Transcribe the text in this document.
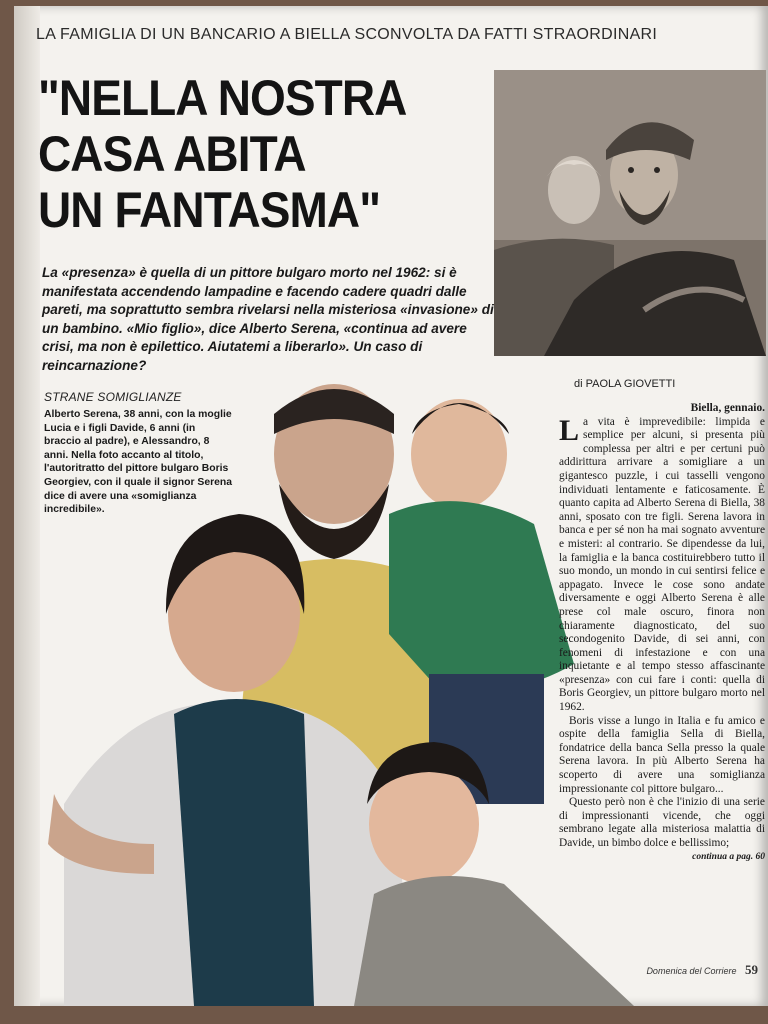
LA FAMIGLIA DI UN BANCARIO A BIELLA SCONVOLTA DA FATTI STRAORDINARI
"NELLA NOSTRA
CASA ABITA
UN FANTASMA"
La «presenza» è quella di un pittore bulgaro morto nel 1962: si è manifestata accendendo lampadine e facendo cadere quadri dalle pareti, ma soprattutto sembra rivelarsi nella misteriosa «invasione» di un bambino. «Mio figlio», dice Alberto Serena, «continua ad avere crisi, ma non è epilettico. Aiutatemi a liberarlo». Un caso di reincarnazione?
STRANE SOMIGLIANZE
Alberto Serena, 38 anni, con la moglie Lucia e i figli Davide, 6 anni (in braccio al padre), e Alessandro, 8 anni. Nella foto accanto al titolo, l'autoritratto del pittore bulgaro Boris Georgiev, con il quale il signor Serena dice di avere una «somiglianza incredibile».
di PAOLA GIOVETTI
Biella, gennaio.

La vita è imprevedibile: limpida e semplice per alcuni, si presenta più complessa per altri e per certuni può addirittura arrivare a somigliare a un gigantesco puzzle, i cui tasselli vengono individuati lentamente e faticosamente. È quanto capita ad Alberto Serena di Biella, 38 anni, sposato con tre figli. Serena lavora in banca e per sé non ha mai sognato avventure e misteri: al contrario. Se dipendesse da lui, la famiglia e la banca costituirebbero tutto il suo mondo, un mondo in cui sentirsi felice e appagato. Invece le cose sono andate diversamente e oggi Alberto Serena è alle prese col male oscuro, finora non chiaramente diagnosticato, del suo secondogenito Davide, di sei anni, con fenomeni di infestazione e con una inquietante e al tempo stesso affascinante «presenza» con cui fare i conti: quella di Boris Georgiev, un pittore bulgaro morto nel 1962.

Boris visse a lungo in Italia e fu amico e ospite della famiglia Sella di Biella, fondatrice della banca Sella presso la quale Serena lavora. In più Alberto Serena ha scoperto di avere una somiglianza impressionante col pittore bulgaro...

Questo però non è che l'inizio di una serie di impressionanti vicende, che oggi sembrano legate alla misteriosa malattia di Davide, un bimbo dolce e bellissimo;

continua a pag. 60
Domenica del Corriere 59
